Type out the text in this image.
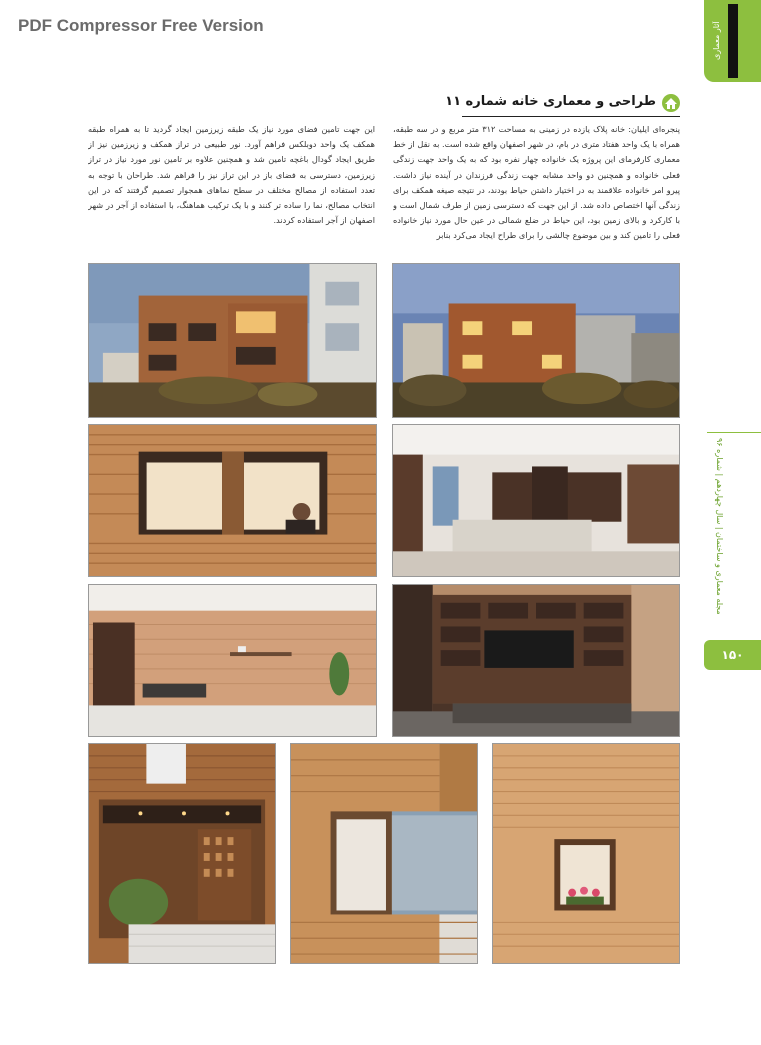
PDF Compressor Free Version	آثار معماری
طراحی و معماری خانه شماره ۱۱
پنجره‌ای ایلیان: خانه پلاک یازده در زمینی به مساحت ۳۱۲ متر مربع و در سه طبقه، همراه با یک واحد هفتاد متری در بام، در شهر اصفهان واقع شده است. به نقل از خط معماری کارفرمای این پروژه یک خانواده چهار نفره بود که به یک واحد جهت زندگی فعلی خانواده و همچنین دو واحد مشابه جهت زندگی فرزندان در آینده نیاز داشت. پیرو امر خانواده علاقمند به در اختیار داشتن حیاط بودند، در نتیجه صیغه همکف برای زندگی آنها اختصاص داده شد. از این جهت که دسترسی زمین از طرف شمال است و با کارکرد و بالای زمین بود، این حیاط در ضلع شمالی در عین حال مورد نیاز خانواده فعلی را تامین کند و بین موضوع چالشی را برای طراح ایجاد می‌کرد بنابر
این جهت تامین فضای مورد نیاز یک طبقه زیرزمین ایجاد گردید تا به همراه طبقه همکف یک واحد دوبلکس فراهم آورد. نور طبیعی در تراز همکف و زیرزمین نیز از طریق ایجاد گودال باغچه تامین شد و همچنین علاوه بر تامین نور مورد نیاز در تراز زیرزمین، دسترسی به فضای باز در این تراز نیز را فراهم شد. طراحان با توجه به تعدد استفاده از مصالح مختلف در سطح نماهای همجوار تصمیم گرفتند که در این انتخاب مصالح، نما را ساده تر کنند و با یک ترکیب هماهنگ، با استفاده از آجر در شهر اصفهان از آجر استفاده کردند.
مجله معماری و ساختمان | سال چهاردهم | شماره ۹۶
۱۵۰
